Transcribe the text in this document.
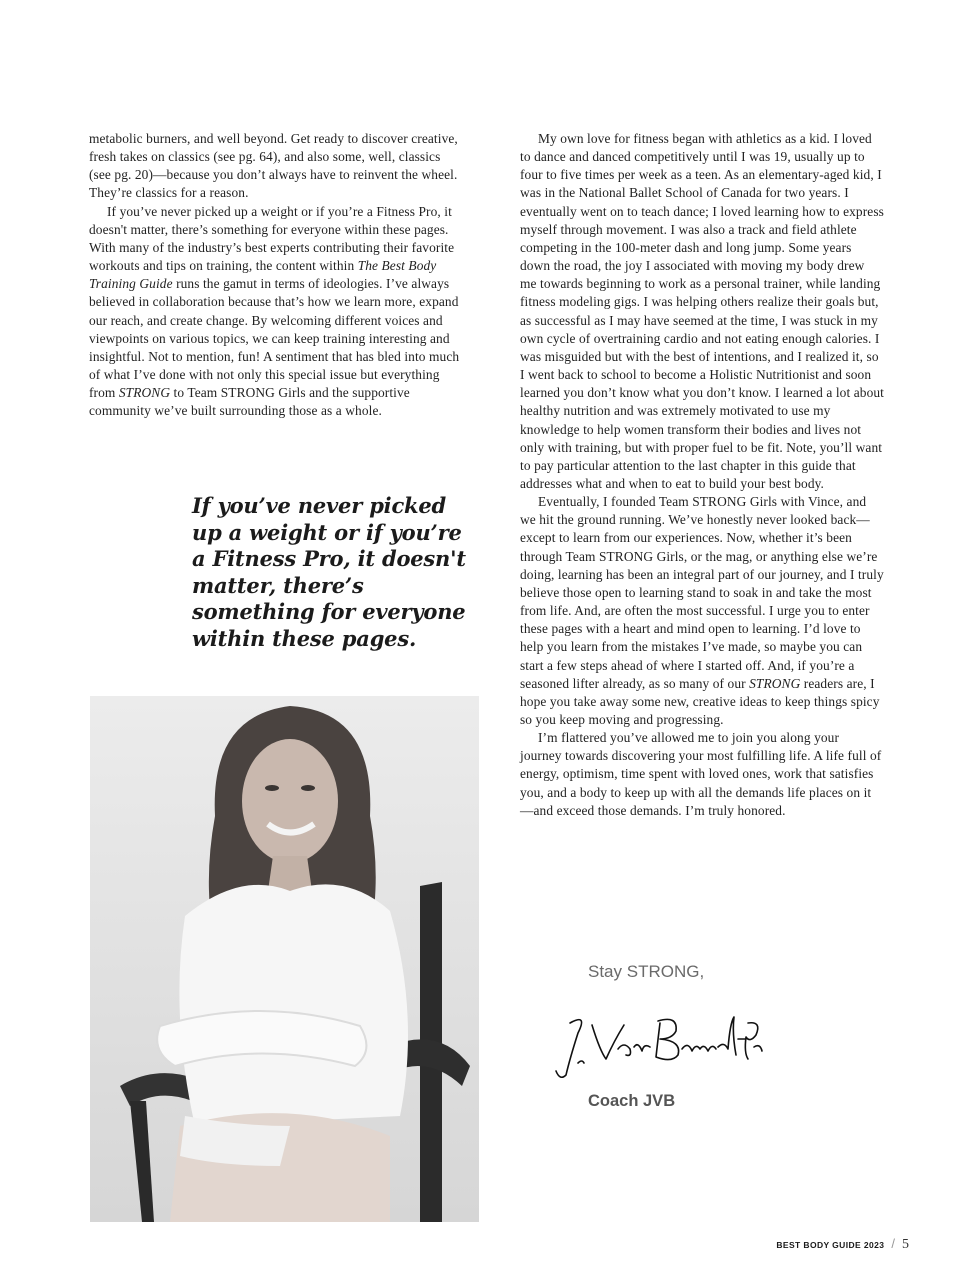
metabolic burners, and well beyond. Get ready to discover creative, fresh takes on classics (see pg. 64), and also some, well, classics (see pg. 20)—because you don’t always have to reinvent the wheel. They’re classics for a reason.

If you’ve never picked up a weight or if you’re a Fitness Pro, it doesn't matter, there’s something for everyone within these pages. With many of the industry’s best experts contributing their favorite workouts and tips on training, the content within The Best Body Training Guide runs the gamut in terms of ideologies. I’ve always believed in collaboration because that’s how we learn more, expand our reach, and create change. By welcoming different voices and viewpoints on various topics, we can keep training interesting and insightful. Not to mention, fun! A sentiment that has bled into much of what I’ve done with not only this special issue but everything from STRONG to Team STRONG Girls and the supportive community we’ve built surrounding those as a whole.

If you’ve never picked up a weight or if you’re a Fitness Pro, it doesn't matter, there’s something for everyone within these pages.

My own love for fitness began with athletics as a kid. I loved to dance and danced competitively until I was 19, usually up to four to five times per week as a teen. As an elementary-aged kid, I was in the National Ballet School of Canada for two years. I eventually went on to teach dance; I loved learning how to express myself through movement. I was also a track and field athlete competing in the 100-meter dash and long jump. Some years down the road, the joy I associated with moving my body drew me towards beginning to work as a personal trainer, while landing fitness modeling gigs. I was helping others realize their goals but, as successful as I may have seemed at the time, I was stuck in my own cycle of overtraining cardio and not eating enough calories. I was misguided but with the best of intentions, and I realized it, so I went back to school to become a Holistic Nutritionist and soon learned you don’t know what you don’t know. I learned a lot about healthy nutrition and was extremely motivated to use my knowledge to help women transform their bodies and lives not only with training, but with proper fuel to be fit. Note, you’ll want to pay particular attention to the last chapter in this guide that addresses what and when to eat to build your best body.

Eventually, I founded Team STRONG Girls with Vince, and we hit the ground running. We’ve honestly never looked back—except to learn from our experiences. Now, whether it’s been through Team STRONG Girls, or the mag, or anything else we’re doing, learning has been an integral part of our journey, and I truly believe those open to learning stand to soak in and take the most from life. And, are often the most successful. I urge you to enter these pages with a heart and mind open to learning. I’d love to help you learn from the mistakes I’ve made, so maybe you can start a few steps ahead of where I started off. And, if you’re a seasoned lifter already, as so many of our STRONG readers are, I hope you take away some new, creative ideas to keep things spicy so you keep moving and progressing.

I’m flattered you’ve allowed me to join you along your journey towards discovering your most fulfilling life. A life full of energy, optimism, time spent with loved ones, work that satisfies you, and a body to keep up with all the demands life places on it—and exceed those demands. I’m truly honored.

Stay STRONG,

Coach JVB

BEST BODY GUIDE 2023 / 5
